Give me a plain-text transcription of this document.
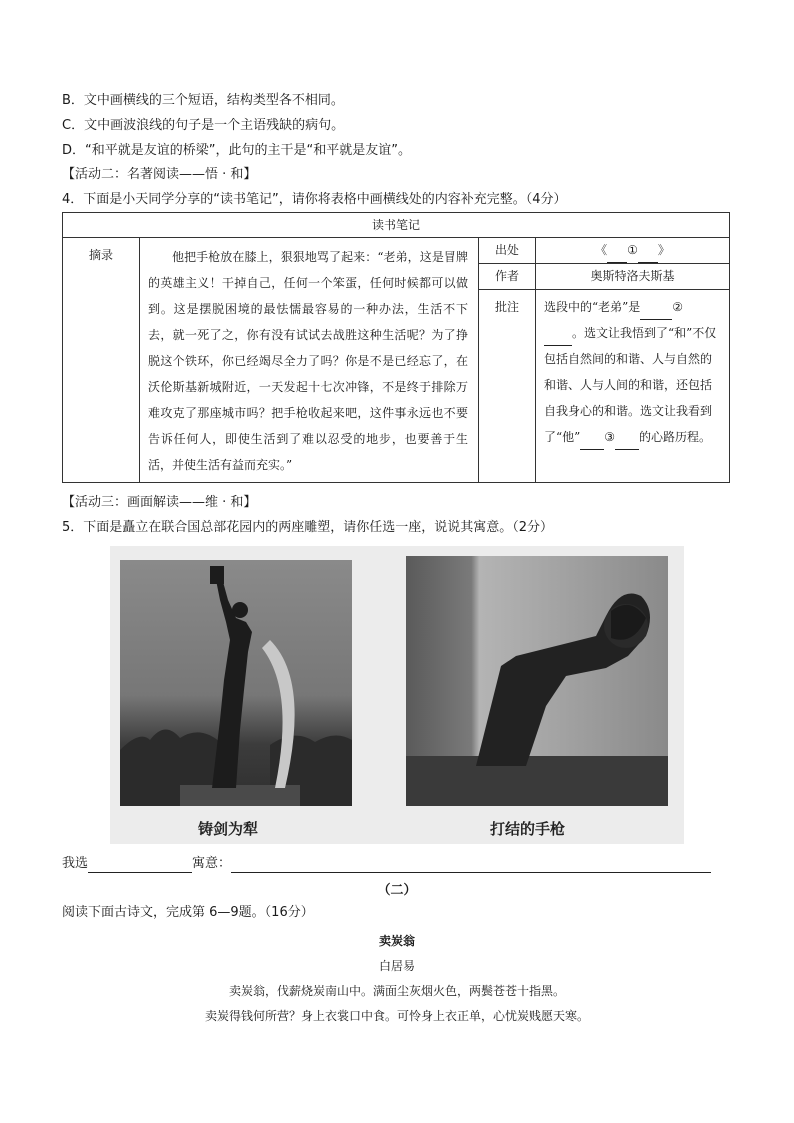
B．文中画横线的三个短语，结构类型各不相同。
C．文中画波浪线的句子是一个主语残缺的病句。
D．“和平就是友谊的桥梁”，此句的主干是“和平就是友谊”。
【活动二：名著阅读——悟 · 和】
4．下面是小天同学分享的“读书笔记”，请你将表格中画横线处的内容补充完整。（4分）
读书笔记			
摘录	他把手枪放在膝上，狠狠地骂了起来：“老弟，这是冒牌的英雄主义！干掉自己，任何一个笨蛋，任何时候都可以做到。这是摆脱困境的最怯懦最容易的一种办法，生活不下去，就一死了之，你有没有试试去战胜这种生活呢？为了挣脱这个铁环，你已经竭尽全力了吗？你是不是已经忘了，在沃伦斯基新城附近，一天发起十七次冲锋，不是终于排除万难攻克了那座城市吗？把手枪收起来吧，这件事永远也不要告诉任何人，即使生活到了难以忍受的地步，也要善于生活，并使生活有益而充实。”	出处	《 ① 》
		作者	奥斯特洛夫斯基
		批注	选段中的“老弟”是 ②
。选文让我悟到了“和”不仅包括自然间的和谐、人与自然的和谐、人与人间的和谐，还包括自我身心的和谐。选文让我看到了“他” ③ 的心路历程。
【活动三：画面解读——维 · 和】
5．下面是矗立在联合国总部花园内的两座雕塑，请你任选一座，说说其寓意。（2分）
铸剑为犁	打结的手枪
我选	寓意：
（二）
阅读下面古诗文，完成第 6—9题。（16分）
卖炭翁
白居易
卖炭翁，伐薪烧炭南山中。满面尘灰烟火色，两鬓苍苍十指黑。
卖炭得钱何所营？身上衣裳口中食。可怜身上衣正单，心忧炭贱愿天寒。
